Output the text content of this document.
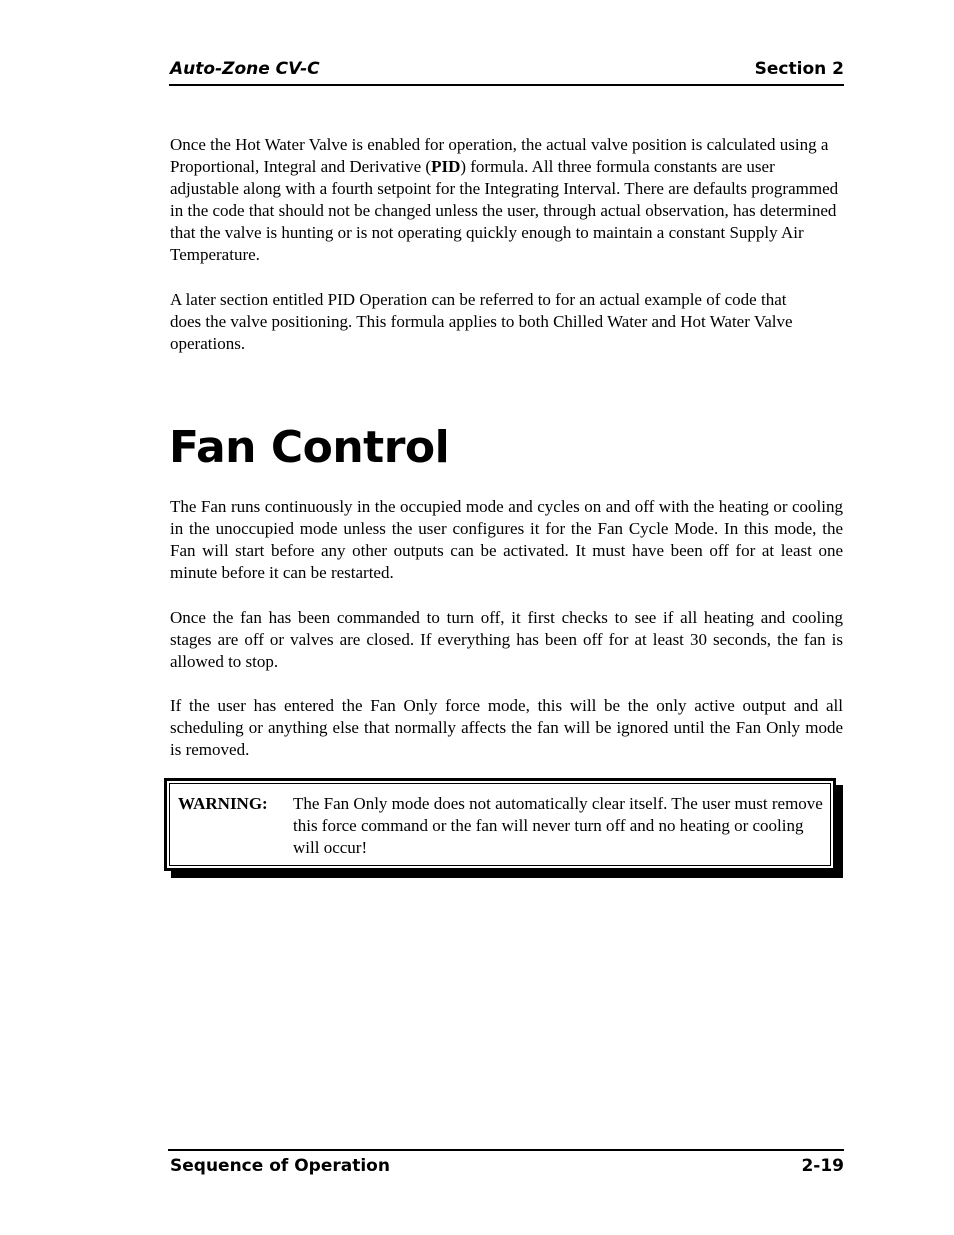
Auto-Zone CV-C	Section 2

Once the Hot Water Valve is enabled for operation, the actual valve position is calculated using a Proportional, Integral and Derivative (PID) formula. All three formula constants are user adjustable along with a fourth setpoint for the Integrating Interval. There are defaults programmed in the code that should not be changed unless the user, through actual observation, has determined that the valve is hunting or is not operating quickly enough to maintain a constant Supply Air Temperature.

A later section entitled PID Operation can be referred to for an actual example of code that does the valve positioning. This formula applies to both Chilled Water and Hot Water Valve operations.

Fan Control

The Fan runs continuously in the occupied mode and cycles on and off with the heating or cooling in the unoccupied mode unless the user configures it for the Fan Cycle Mode. In this mode, the Fan will start before any other outputs can be activated. It must have been off for at least one minute before it can be restarted.

Once the fan has been commanded to turn off, it first checks to see if all heating and cooling stages are off or valves are closed. If everything has been off for at least 30 seconds, the fan is allowed to stop.

If the user has entered the Fan Only force mode, this will be the only active output and all scheduling or anything else that normally affects the fan will be ignored until the Fan Only mode is removed.

WARNING: The Fan Only mode does not automatically clear itself. The user must remove this force command or the fan will never turn off and no heating or cooling will occur!

Sequence of Operation	2-19
